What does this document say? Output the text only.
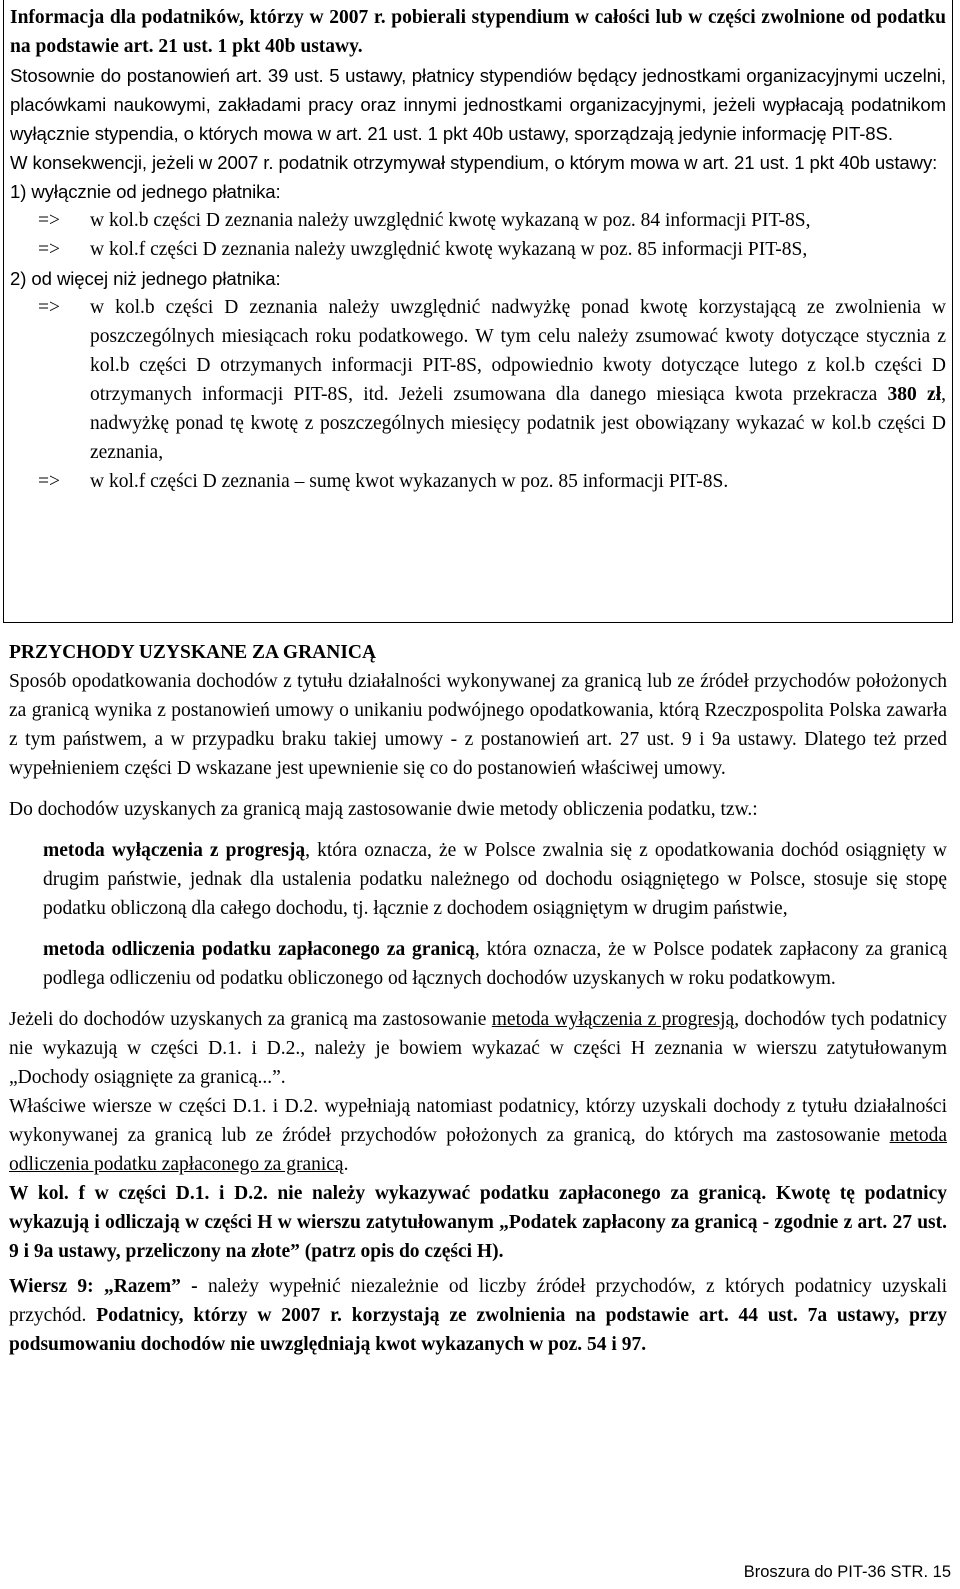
Informacja dla podatników, którzy w 2007 r. pobierali stypendium w całości lub w części zwolnione od podatku na podstawie art. 21 ust. 1 pkt 40b ustawy.

Stosownie do postanowień art. 39 ust. 5 ustawy, płatnicy stypendiów będący jednostkami organizacyjnymi uczelni, placówkami naukowymi, zakładami pracy oraz innymi jednostkami organizacyjnymi, jeżeli wypłacają podatnikom wyłącznie stypendia, o których mowa w art. 21 ust. 1 pkt 40b ustawy, sporządzają jedynie informację PIT-8S.

W konsekwencji, jeżeli w 2007 r. podatnik otrzymywał stypendium, o którym mowa w art. 21 ust. 1 pkt 40b ustawy:

1) wyłącznie od jednego płatnika:

=> w kol.b części D zeznania należy uwzględnić kwotę wykazaną w poz. 84 informacji PIT-8S,

=> w kol.f części D zeznania należy uwzględnić kwotę wykazaną w poz. 85 informacji PIT-8S,

2) od więcej niż jednego płatnika:

=> w kol.b części D zeznania należy uwzględnić nadwyżkę ponad kwotę korzystającą ze zwolnienia w poszczególnych miesiącach roku podatkowego. W tym celu należy zsumować kwoty dotyczące stycznia z kol.b części D otrzymanych informacji PIT-8S, odpowiednio kwoty dotyczące lutego z kol.b części D otrzymanych informacji PIT-8S, itd. Jeżeli zsumowana dla danego miesiąca kwota przekracza 380 zł, nadwyżkę ponad tę kwotę z poszczególnych miesięcy podatnik jest obowiązany wykazać w kol.b części D zeznania,

=> w kol.f części D zeznania – sumę kwot wykazanych w poz. 85 informacji PIT-8S.

PRZYCHODY UZYSKANE ZA GRANICĄ

Sposób opodatkowania dochodów z tytułu działalności wykonywanej za granicą lub ze źródeł przychodów położonych za granicą wynika z postanowień umowy o unikaniu podwójnego opodatkowania, którą Rzeczpospolita Polska zawarła z tym państwem, a w przypadku braku takiej umowy - z postanowień art. 27 ust. 9 i 9a ustawy. Dlatego też przed wypełnieniem części D wskazane jest upewnienie się co do postanowień właściwej umowy.

Do dochodów uzyskanych za granicą mają zastosowanie dwie metody obliczenia podatku, tzw.:

metoda wyłączenia z progresją, która oznacza, że w Polsce zwalnia się z opodatkowania dochód osiągnięty w drugim państwie, jednak dla ustalenia podatku należnego od dochodu osiągniętego w Polsce, stosuje się stopę podatku obliczoną dla całego dochodu, tj. łącznie z dochodem osiągniętym w drugim państwie,

metoda odliczenia podatku zapłaconego za granicą, która oznacza, że w Polsce podatek zapłacony za granicą podlega odliczeniu od podatku obliczonego od łącznych dochodów uzyskanych w roku podatkowym.

Jeżeli do dochodów uzyskanych za granicą ma zastosowanie metoda wyłączenia z progresją, dochodów tych podatnicy nie wykazują w części D.1. i D.2., należy je bowiem wykazać w części H zeznania w wierszu zatytułowanym „Dochody osiągnięte za granicą...”.

Właściwe wiersze w części D.1. i D.2. wypełniają natomiast podatnicy, którzy uzyskali dochody z tytułu działalności wykonywanej za granicą lub ze źródeł przychodów położonych za granicą, do których ma zastosowanie metoda odliczenia podatku zapłaconego za granicą.

W kol. f w części D.1. i D.2. nie należy wykazywać podatku zapłaconego za granicą. Kwotę tę podatnicy wykazują i odliczają w części H w wierszu zatytułowanym „Podatek zapłacony za granicą - zgodnie z art. 27 ust. 9 i 9a ustawy, przeliczony na złote” (patrz opis do części H).

Wiersz 9: „Razem” - należy wypełnić niezależnie od liczby źródeł przychodów, z których podatnicy uzyskali przychód. Podatnicy, którzy w 2007 r. korzystają ze zwolnienia na podstawie art. 44 ust. 7a ustawy, przy podsumowaniu dochodów nie uwzględniają kwot wykazanych w poz. 54 i 97.

Broszura do PIT-36 STR. 15
